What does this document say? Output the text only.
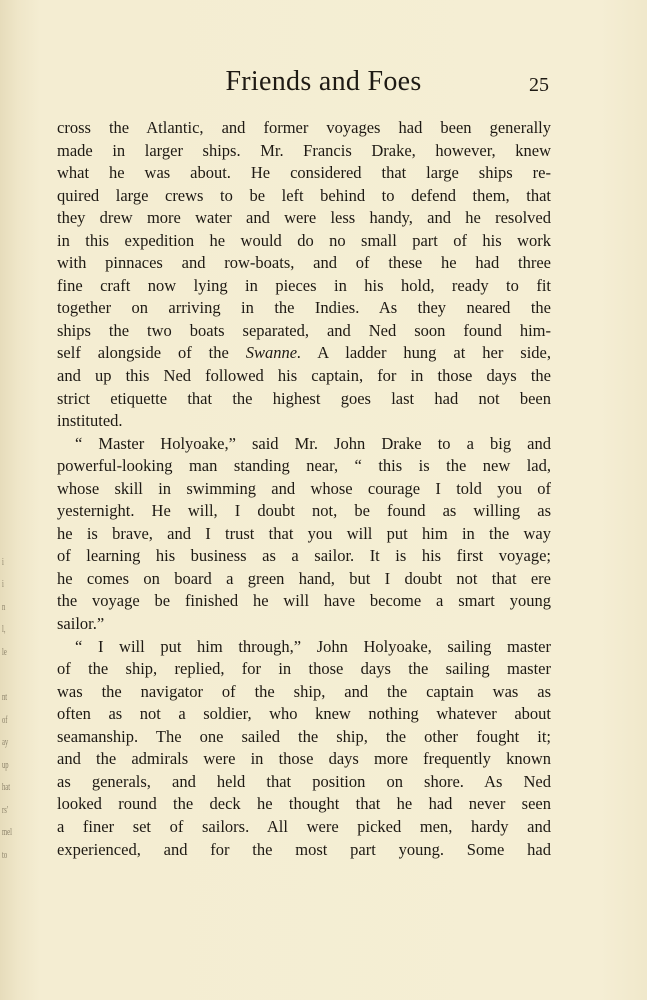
i
i
n
l,
le
nt
of
ay
up
hat
rs'
mel
to
Friends and Foes	25
cross the Atlantic, and former voyages had been generally
made in larger ships. Mr. Francis Drake, however, knew
what he was about. He considered that large ships re-
quired large crews to be left behind to defend them, that
they drew more water and were less handy, and he resolved
in this expedition he would do no small part of his work
with pinnaces and row-boats, and of these he had three
fine craft now lying in pieces in his hold, ready to fit
together on arriving in the Indies. As they neared the
ships the two boats separated, and Ned soon found him-
self alongside of the Swanne. A ladder hung at her side,
and up this Ned followed his captain, for in those days the
strict etiquette that the highest goes last had not been
instituted.
“ Master Holyoake,” said Mr. John Drake to a big and
powerful-looking man standing near, “ this is the new lad,
whose skill in swimming and whose courage I told you of
yesternight. He will, I doubt not, be found as willing as
he is brave, and I trust that you will put him in the way
of learning his business as a sailor. It is his first voyage;
he comes on board a green hand, but I doubt not that ere
the voyage be finished he will have become a smart young
sailor.”
“ I will put him through,” John Holyoake, sailing master
of the ship, replied, for in those days the sailing master
was the navigator of the ship, and the captain was as
often as not a soldier, who knew nothing whatever about
seamanship. The one sailed the ship, the other fought it;
and the admirals were in those days more frequently known
as generals, and held that position on shore. As Ned
looked round the deck he thought that he had never seen
a finer set of sailors. All were picked men, hardy and
experienced, and for the most part young. Some had
